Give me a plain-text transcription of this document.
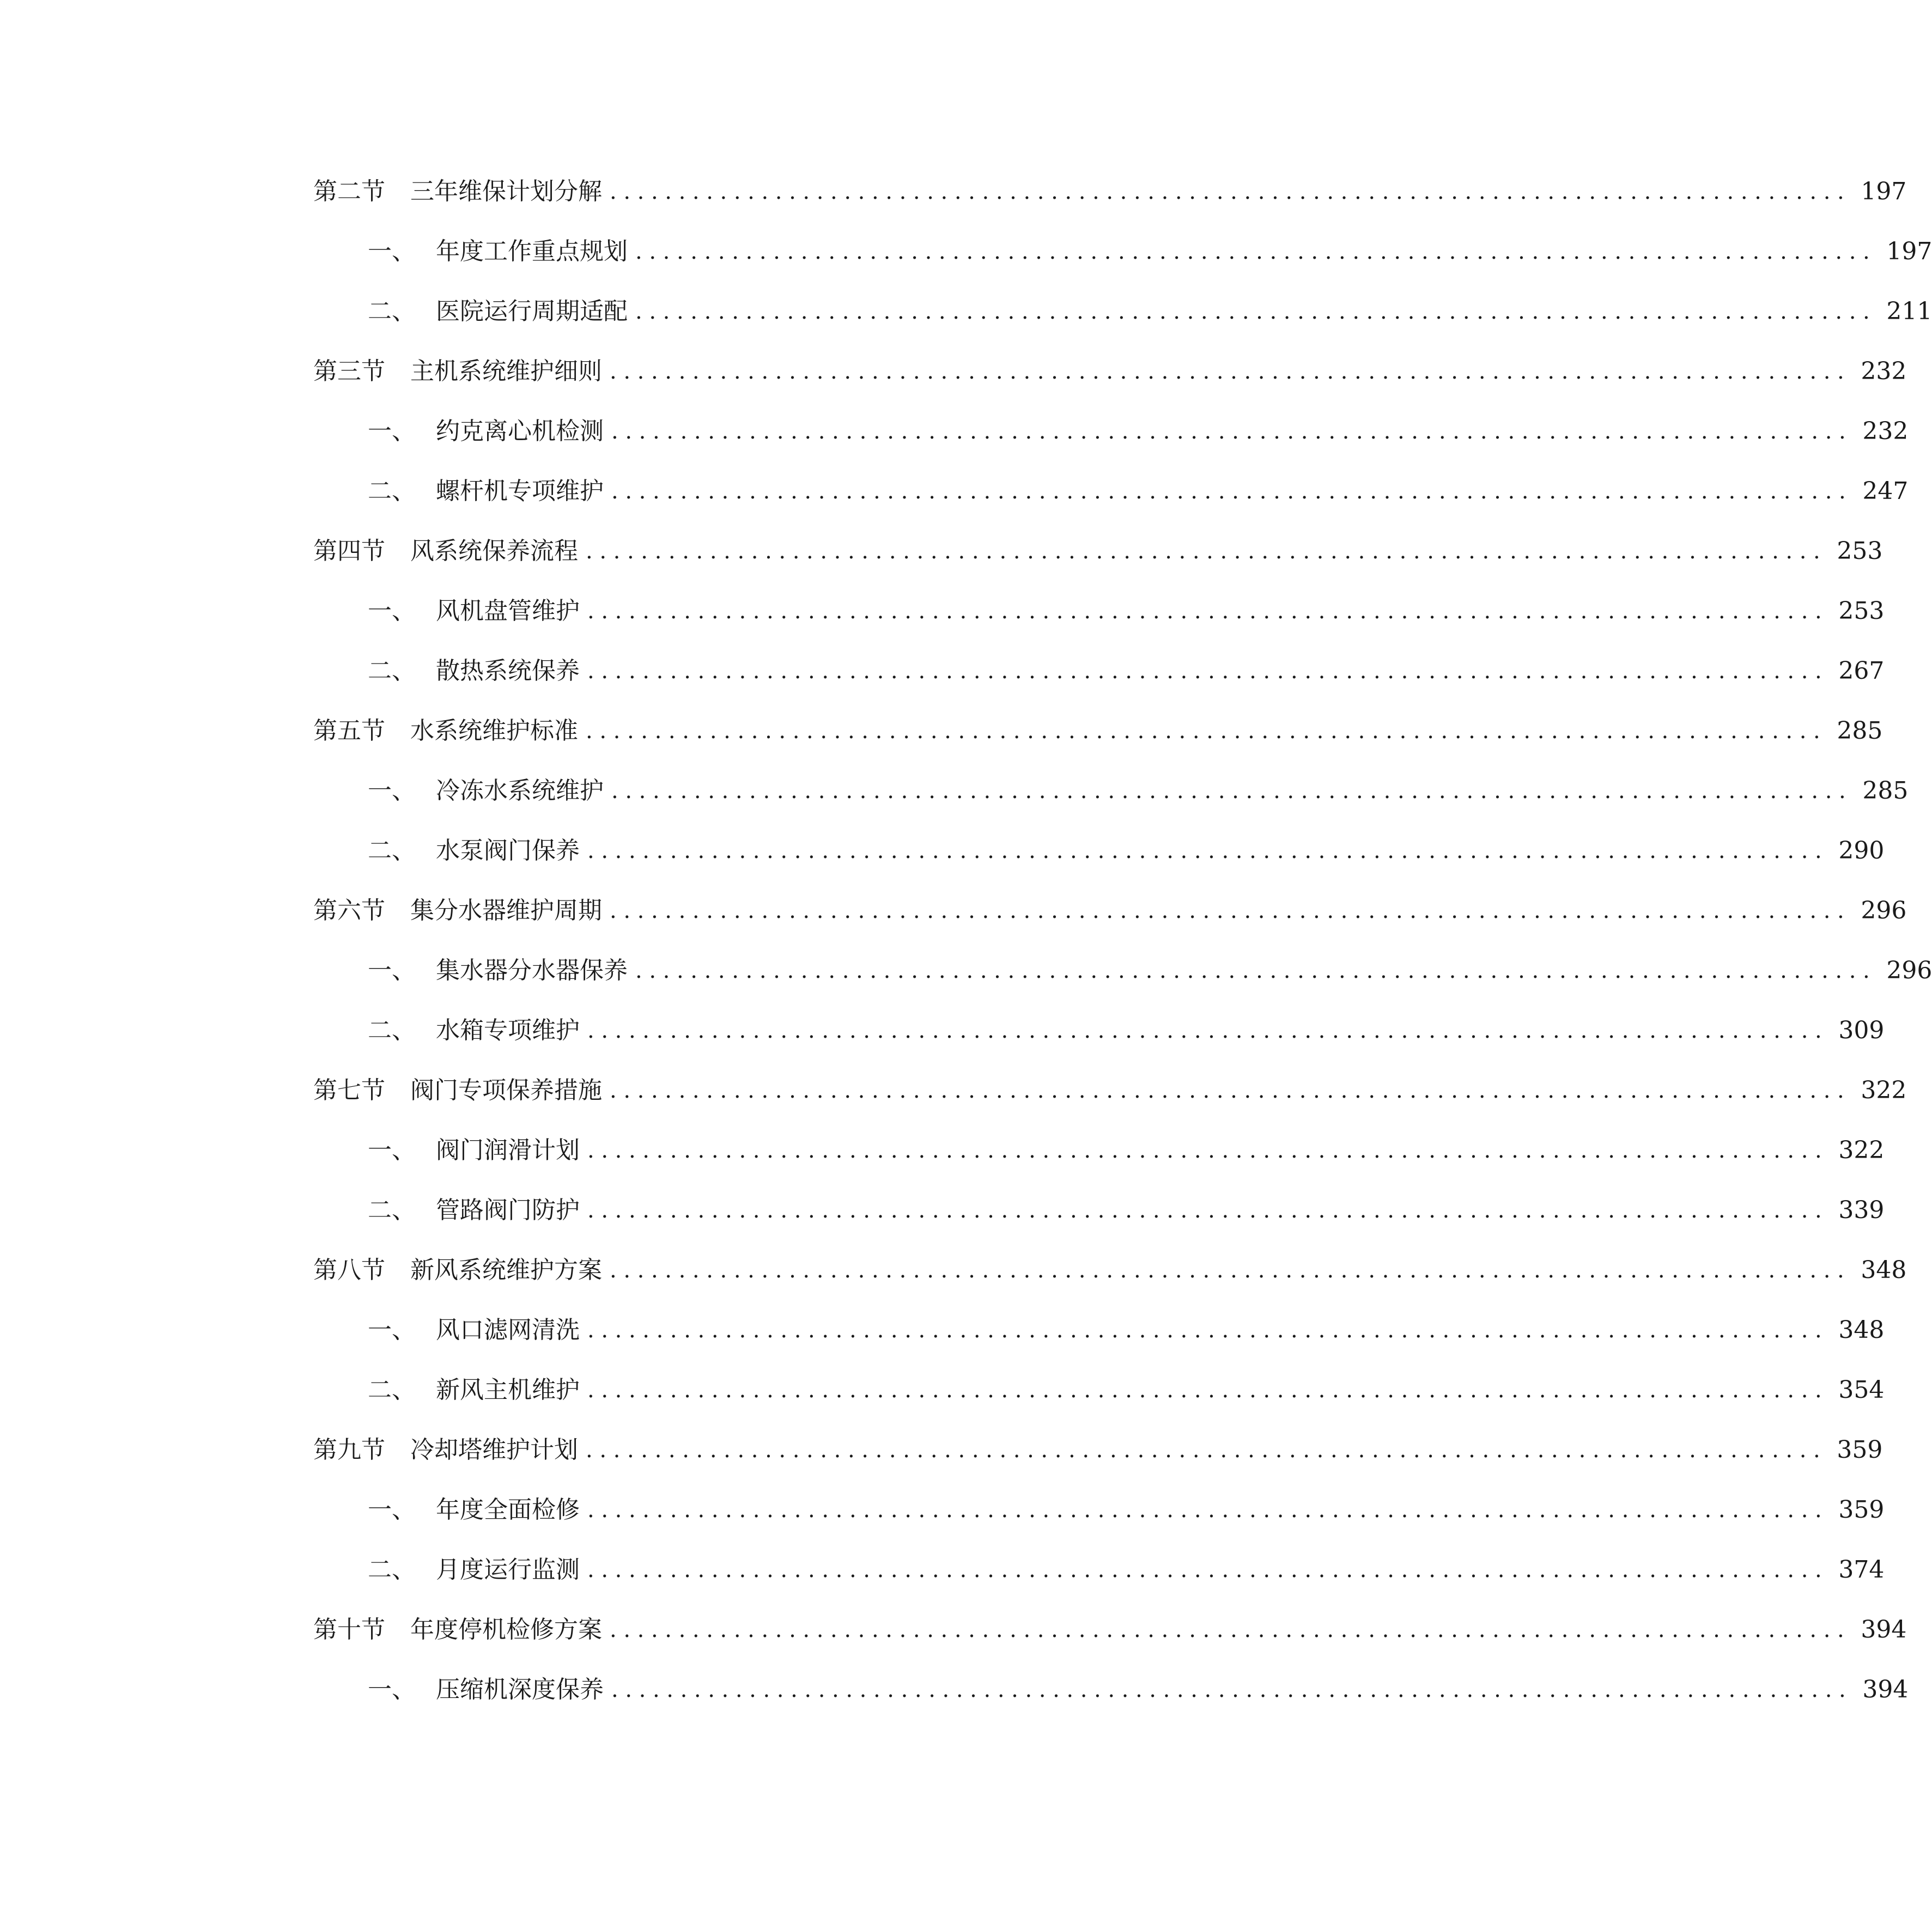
第二节	三年维保计划分解 .......................................................................................... 197
一、 年度工作重点规划 .......................................................................................... 197
二、 医院运行周期适配 .......................................................................................... 211
第三节	主机系统维护细则 .......................................................................................... 232
一、 约克离心机检测 .......................................................................................... 232
二、 螺杆机专项维护 .......................................................................................... 247
第四节	风系统保养流程 .......................................................................................... 253
一、 风机盘管维护 .......................................................................................... 253
二、 散热系统保养 .......................................................................................... 267
第五节	水系统维护标准 .......................................................................................... 285
一、 冷冻水系统维护 .......................................................................................... 285
二、 水泵阀门保养 .......................................................................................... 290
第六节	集分水器维护周期 .......................................................................................... 296
一、 集水器分水器保养 .......................................................................................... 296
二、 水箱专项维护 .......................................................................................... 309
第七节	阀门专项保养措施 .......................................................................................... 322
一、 阀门润滑计划 .......................................................................................... 322
二、 管路阀门防护 .......................................................................................... 339
第八节	新风系统维护方案 .......................................................................................... 348
一、 风口滤网清洗 .......................................................................................... 348
二、 新风主机维护 .......................................................................................... 354
第九节	冷却塔维护计划 .......................................................................................... 359
一、 年度全面检修 .......................................................................................... 359
二、 月度运行监测 .......................................................................................... 374
第十节	年度停机检修方案 .......................................................................................... 394
一、 压缩机深度保养 .......................................................................................... 394
